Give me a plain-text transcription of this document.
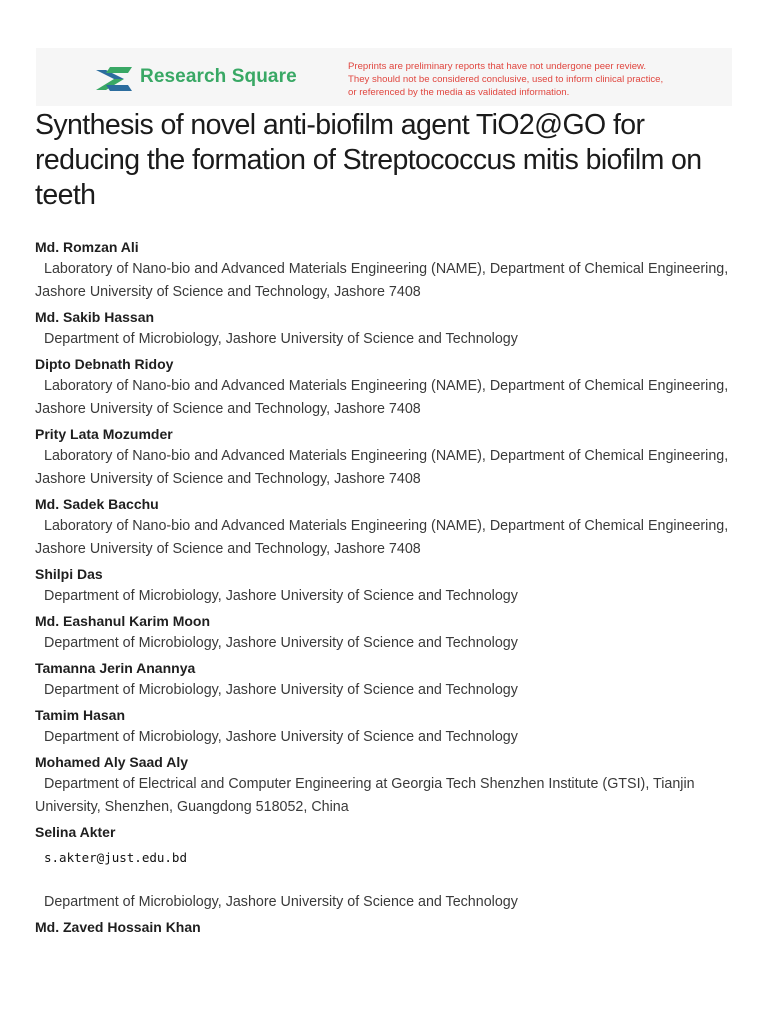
Research Square	Preprints are preliminary reports that have not undergone peer review.
They should not be considered conclusive, used to inform clinical practice,
or referenced by the media as validated information.
Synthesis of novel anti-biofilm agent TiO2@GO for reducing the formation of Streptococcus mitis biofilm on teeth
Md. Romzan Ali
Laboratory of Nano-bio and Advanced Materials Engineering (NAME), Department of Chemical Engineering, Jashore University of Science and Technology, Jashore 7408
Md. Sakib Hassan
Department of Microbiology, Jashore University of Science and Technology
Dipto Debnath Ridoy
Laboratory of Nano-bio and Advanced Materials Engineering (NAME), Department of Chemical Engineering, Jashore University of Science and Technology, Jashore 7408
Prity Lata Mozumder
Laboratory of Nano-bio and Advanced Materials Engineering (NAME), Department of Chemical Engineering, Jashore University of Science and Technology, Jashore 7408
Md. Sadek Bacchu
Laboratory of Nano-bio and Advanced Materials Engineering (NAME), Department of Chemical Engineering, Jashore University of Science and Technology, Jashore 7408
Shilpi Das
Department of Microbiology, Jashore University of Science and Technology
Md. Eashanul Karim Moon
Department of Microbiology, Jashore University of Science and Technology
Tamanna Jerin Anannya
Department of Microbiology, Jashore University of Science and Technology
Tamim Hasan
Department of Microbiology, Jashore University of Science and Technology
Mohamed Aly Saad Aly
Department of Electrical and Computer Engineering at Georgia Tech Shenzhen Institute (GTSI), Tianjin University, Shenzhen, Guangdong 518052, China
Selina Akter
s.akter@just.edu.bd
Department of Microbiology, Jashore University of Science and Technology
Md. Zaved Hossain Khan
